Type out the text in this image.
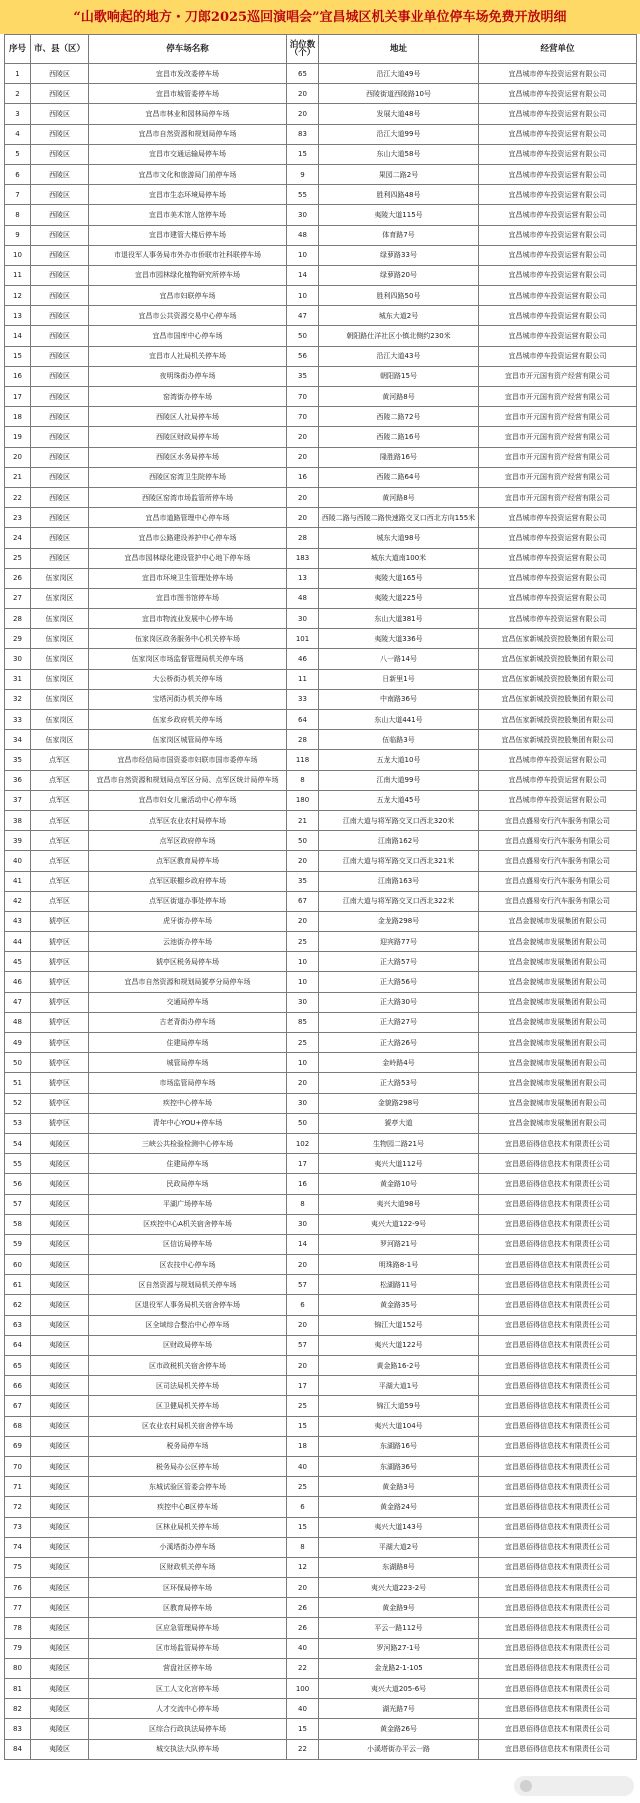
“山歌响起的地方・刀郎2025巡回演唱会”宜昌城区机关事业单位停车场免费开放明细
序号	市、县（区）	停车场名称	泊位数（个）	地址	经营单位
1	西陵区	宜昌市发改委停车场	65	沿江大道49号	宜昌城市停车投资运营有限公司
2	西陵区	宜昌市城管委停车场	20	西陵街道西陵路10号	宜昌城市停车投资运营有限公司
3	西陵区	宜昌市林业和园林局停车场	20	发展大道48号	宜昌城市停车投资运营有限公司
4	西陵区	宜昌市自然资源和规划局停车场	83	沿江大道99号	宜昌城市停车投资运营有限公司
5	西陵区	宜昌市交通运输局停车场	15	东山大道58号	宜昌城市停车投资运营有限公司
6	西陵区	宜昌市文化和旅游局门前停车场	9	果园二路2号	宜昌城市停车投资运营有限公司
7	西陵区	宜昌市生态环境局停车场	55	胜利四路48号	宜昌城市停车投资运营有限公司
8	西陵区	宜昌市美术馆人馆停车场	30	夷陵大道115号	宜昌城市停车投资运营有限公司
9	西陵区	宜昌市建管大楼后停车场	48	体育路7号	宜昌城市停车投资运营有限公司
10	西陵区	市退役军人事务局市外办市侨联市社科联停车场	10	绿萝路33号	宜昌城市停车投资运营有限公司
11	西陵区	宜昌市园林绿化植物研究所停车场	14	绿萝路20号	宜昌城市停车投资运营有限公司
12	西陵区	宜昌市妇联停车场	10	胜利四路50号	宜昌城市停车投资运营有限公司
13	西陵区	宜昌市公共资源交易中心停车场	47	城东大道2号	宜昌城市停车投资运营有限公司
14	西陵区	宜昌市国库中心停车场	50	朝阳路仕洋社区小镇北侧约230米	宜昌城市停车投资运营有限公司
15	西陵区	宜昌市人社局机关停车场	56	沿江大道43号	宜昌城市停车投资运营有限公司
16	西陵区	夜明珠街办停车场	35	朝阳路15号	宜昌市开元国有资产经营有限公司
17	西陵区	窑湾街办停车场	70	黄河路8号	宜昌市开元国有资产经营有限公司
18	西陵区	西陵区人社局停车场	70	西陵二路72号	宜昌市开元国有资产经营有限公司
19	西陵区	西陵区财政局停车场	20	西陵二路16号	宜昌市开元国有资产经营有限公司
20	西陵区	西陵区水务局停车场	20	隆胜路16号	宜昌市开元国有资产经营有限公司
21	西陵区	西陵区窑湾卫生院停车场	16	西陵二路64号	宜昌市开元国有资产经营有限公司
22	西陵区	西陵区窑湾市场监管所停车场	20	黄河路8号	宜昌市开元国有资产经营有限公司
23	西陵区	宜昌市道路管理中心停车场	20	西陵二路与西陵二路快速路交叉口西北方向155米	宜昌城市停车投资运营有限公司
24	西陵区	宜昌市公路建设养护中心停车场	28	城东大道98号	宜昌城市停车投资运营有限公司
25	西陵区	宜昌市园林绿化建设管护中心地下停车场	183	城东大道南100米	宜昌城市停车投资运营有限公司
26	伍家岗区	宜昌市环境卫生管理处停车场	13	夷陵大道165号	宜昌城市停车投资运营有限公司
27	伍家岗区	宜昌市图书馆停车场	48	夷陵大道225号	宜昌城市停车投资运营有限公司
28	伍家岗区	宜昌市物流业发展中心停车场	30	东山大道381号	宜昌城市停车投资运营有限公司
29	伍家岗区	伍家岗区政务服务中心机关停车场	101	夷陵大道336号	宜昌伍家新城投资控股集团有限公司
30	伍家岗区	伍家岗区市场监督管理局机关停车场	46	八一路14号	宜昌伍家新城投资控股集团有限公司
31	伍家岗区	大公桥街办机关停车场	11	日新里1号	宜昌伍家新城投资控股集团有限公司
32	伍家岗区	宝塔河街办机关停车场	33	中南路36号	宜昌伍家新城投资控股集团有限公司
33	伍家岗区	伍家乡政府机关停车场	64	东山大道441号	宜昌伍家新城投资控股集团有限公司
34	伍家岗区	伍家岗区城管局停车场	28	伍临路3号	宜昌伍家新城投资控股集团有限公司
35	点军区	宜昌市经信局市国资委市妇联市国市委停车场	118	五龙大道10号	宜昌城市停车投资运营有限公司
36	点军区	宜昌市自然资源和规划局点军区分局、点军区统计局停车场	8	江南大道99号	宜昌城市停车投资运营有限公司
37	点军区	宜昌市妇女儿童活动中心停车场	180	五龙大道45号	宜昌城市停车投资运营有限公司
38	点军区	点军区农业农村局停车场	21	江南大道与将军路交叉口西北320米	宜昌点盛易安行汽车服务有限公司
39	点军区	点军区政府停车场	50	江南路162号	宜昌点盛易安行汽车服务有限公司
40	点军区	点军区教育局停车场	20	江南大道与将军路交叉口西北321米	宜昌点盛易安行汽车服务有限公司
41	点军区	点军区联棚乡政府停车场	35	江南路163号	宜昌点盛易安行汽车服务有限公司
42	点军区	点军区街道办事处停车场	67	江南大道与将军路交叉口西北322米	宜昌点盛易安行汽车服务有限公司
43	猇亭区	虎牙街办停车场	20	金龙路298号	宜昌金貌城市发展集团有限公司
44	猇亭区	云池街办停车场	25	迎宾路77号	宜昌金貌城市发展集团有限公司
45	猇亭区	猇亭区税务局停车场	10	正大路57号	宜昌金貌城市发展集团有限公司
46	猇亭区	宜昌市自然资源和规划局猇亭分局停车场	10	正大路56号	宜昌金貌城市发展集团有限公司
47	猇亭区	交通局停车场	30	正大路30号	宜昌金貌城市发展集团有限公司
48	猇亭区	古老背街办停车场	85	正大路27号	宜昌金貌城市发展集团有限公司
49	猇亭区	住建局停车场	25	正大路26号	宜昌金貌城市发展集团有限公司
50	猇亭区	城管局停车场	10	金岭路4号	宜昌金貌城市发展集团有限公司
51	猇亭区	市场监管局停车场	20	正大路53号	宜昌金貌城市发展集团有限公司
52	猇亭区	疾控中心停车场	30	金貌路298号	宜昌金貌城市发展集团有限公司
53	猇亭区	青年中心YOU+停车场	50	猇亭大道	宜昌金貌城市发展集团有限公司
54	夷陵区	三峡公共检验检测中心停车场	102	生物园二路21号	宜昌恩佰得信息技术有限责任公司
55	夷陵区	住建局停车场	17	夷兴大道112号	宜昌恩佰得信息技术有限责任公司
56	夷陵区	民政局停车场	16	黄金路10号	宜昌恩佰得信息技术有限责任公司
57	夷陵区	平湖广场停车场	8	夷兴大道98号	宜昌恩佰得信息技术有限责任公司
58	夷陵区	区疾控中心A机关宿舍停车场	30	夷兴大道122-9号	宜昌恩佰得信息技术有限责任公司
59	夷陵区	区信访局停车场	14	罗河路21号	宜昌恩佰得信息技术有限责任公司
60	夷陵区	区农技中心停车场	20	明珠路8-1号	宜昌恩佰得信息技术有限责任公司
61	夷陵区	区自然资源与规划局机关停车场	57	松湖路11号	宜昌恩佰得信息技术有限责任公司
62	夷陵区	区退役军人事务局机关宿舍停车场	6	黄金路35号	宜昌恩佰得信息技术有限责任公司
63	夷陵区	区全域综合整治中心停车场	20	锦江大道152号	宜昌恩佰得信息技术有限责任公司
64	夷陵区	区财政局停车场	57	夷兴大道122号	宜昌恩佰得信息技术有限责任公司
65	夷陵区	区市政税机关宿舍停车场	20	黄金路16-2号	宜昌恩佰得信息技术有限责任公司
66	夷陵区	区司法局机关停车场	17	平湖大道1号	宜昌恩佰得信息技术有限责任公司
67	夷陵区	区卫健局机关停车场	25	锦江大道59号	宜昌恩佰得信息技术有限责任公司
68	夷陵区	区农业农村局机关宿舍停车场	15	夷兴大道104号	宜昌恩佰得信息技术有限责任公司
69	夷陵区	税务局停车场	18	东湖路16号	宜昌恩佰得信息技术有限责任公司
70	夷陵区	税务局办公区停车场	40	东湖路36号	宜昌恩佰得信息技术有限责任公司
71	夷陵区	东城试验区管委会停车场	25	黄金路3号	宜昌恩佰得信息技术有限责任公司
72	夷陵区	疾控中心B区停车场	6	黄金路24号	宜昌恩佰得信息技术有限责任公司
73	夷陵区	区林业局机关停车场	15	夷兴大道143号	宜昌恩佰得信息技术有限责任公司
74	夷陵区	小溪塔街办停车场	8	平湖大道2号	宜昌恩佰得信息技术有限责任公司
75	夷陵区	区财政机关停车场	12	东湖路8号	宜昌恩佰得信息技术有限责任公司
76	夷陵区	区环保局停车场	20	夷兴大道223-2号	宜昌恩佰得信息技术有限责任公司
77	夷陵区	区教育局停车场	26	黄金路9号	宜昌恩佰得信息技术有限责任公司
78	夷陵区	区应急管理局停车场	26	平云一路112号	宜昌恩佰得信息技术有限责任公司
79	夷陵区	区市场监管局停车场	40	罗河路27-1号	宜昌恩佰得信息技术有限责任公司
80	夷陵区	营盘社区停车场	22	金龙路2-1-105	宜昌恩佰得信息技术有限责任公司
81	夷陵区	区工人文化宫停车场	100	夷兴大道205-6号	宜昌恩佰得信息技术有限责任公司
82	夷陵区	人才交流中心停车场	40	湖光路7号	宜昌恩佰得信息技术有限责任公司
83	夷陵区	区综合行政执法局停车场	15	黄金路26号	宜昌恩佰得信息技术有限责任公司
84	夷陵区	城交执法大队停车场	22	小溪塔街办平云一路	宜昌恩佰得信息技术有限责任公司
